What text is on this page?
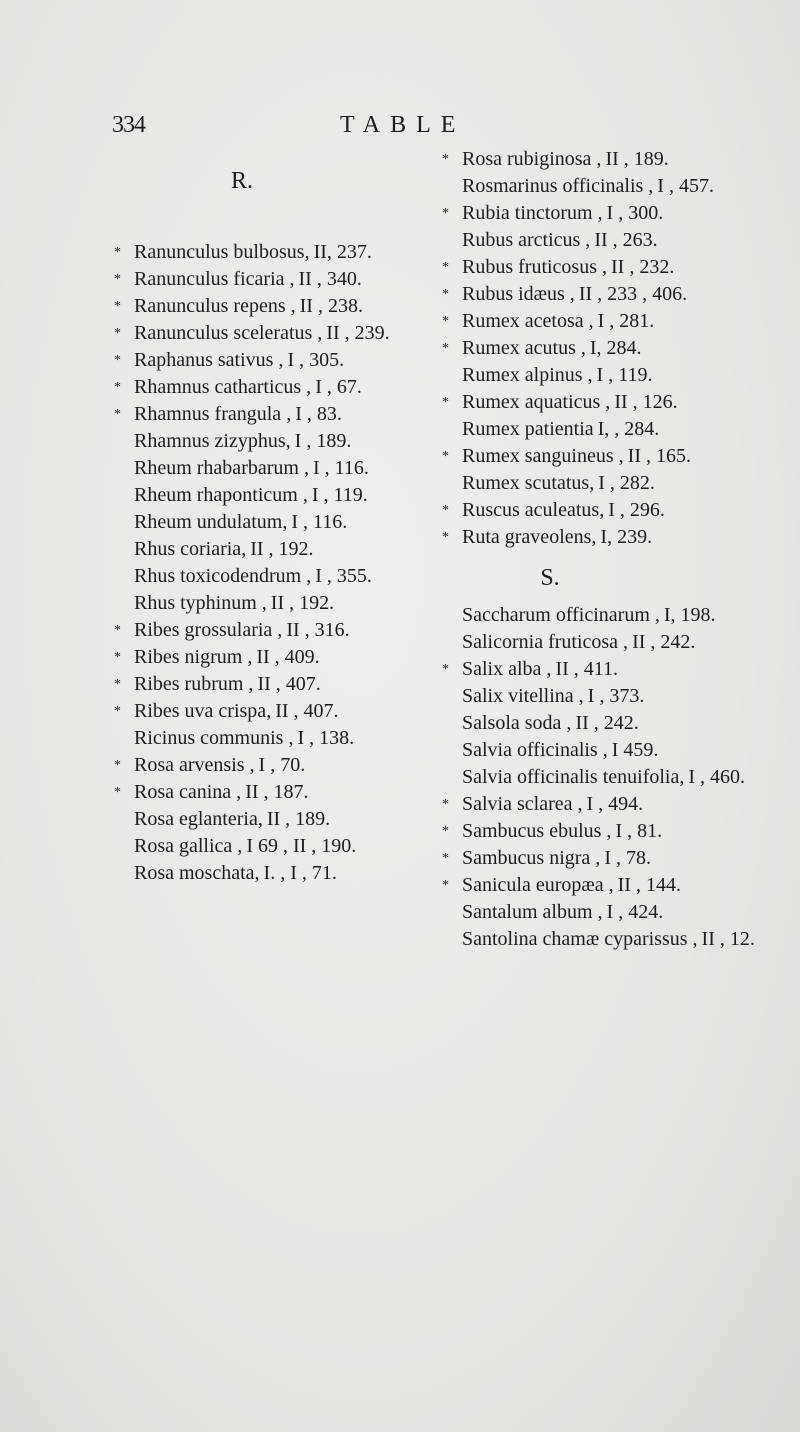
334	TABLE
R.

* Ranunculus bulbosus, II, 237.

* Ranunculus ficaria , II , 340.

* Ranunculus repens , II , 238.

* Ranunculus sceleratus , II , 239.

* Raphanus sativus , I , 305.

* Rhamnus catharticus , I , 67.

* Rhamnus frangula , I , 83.

Rhamnus zizyphus, I , 189.

Rheum rhabarbarum , I , 116.

Rheum rhaponticum , I , 119.

Rheum undulatum, I , 116.

Rhus coriaria, II , 192.

Rhus toxicodendrum , I , 355.

Rhus typhinum , II , 192.

* Ribes grossularia , II , 316.

* Ribes nigrum , II , 409.

* Ribes rubrum , II , 407.

* Ribes uva crispa, II , 407.

Ricinus communis , I , 138.

* Rosa arvensis , I , 70.

* Rosa canina , II , 187.

Rosa eglanteria, II , 189.

Rosa gallica , I 69 , II , 190.

Rosa moschata, I. , I , 71.

* Rosa rubiginosa , II , 189.

Rosmarinus officinalis , I , 457.

* Rubia tinctorum , I , 300.

Rubus arcticus , II , 263.

* Rubus fruticosus , II , 232.

* Rubus idæus , II , 233 , 406.

* Rumex acetosa , I , 281.

* Rumex acutus , I, 284.

Rumex alpinus , I , 119.

* Rumex aquaticus , II , 126.

Rumex patientia I, , 284.

* Rumex sanguineus , II , 165.

Rumex scutatus, I , 282.

* Ruscus aculeatus, I , 296.

* Ruta graveolens, I, 239.

S.

Saccharum officinarum , I, 198.

Salicornia fruticosa , II , 242.

* Salix alba , II , 411.

Salix vitellina , I , 373.

Salsola soda , II , 242.

Salvia officinalis , I 459.

Salvia officinalis tenuifolia, I , 460.

* Salvia sclarea , I , 494.

* Sambucus ebulus , I , 81.

* Sambucus nigra , I , 78.

* Sanicula europæa , II , 144.

Santalum album , I , 424.

Santolina chamæ cyparissus , II , 12.
